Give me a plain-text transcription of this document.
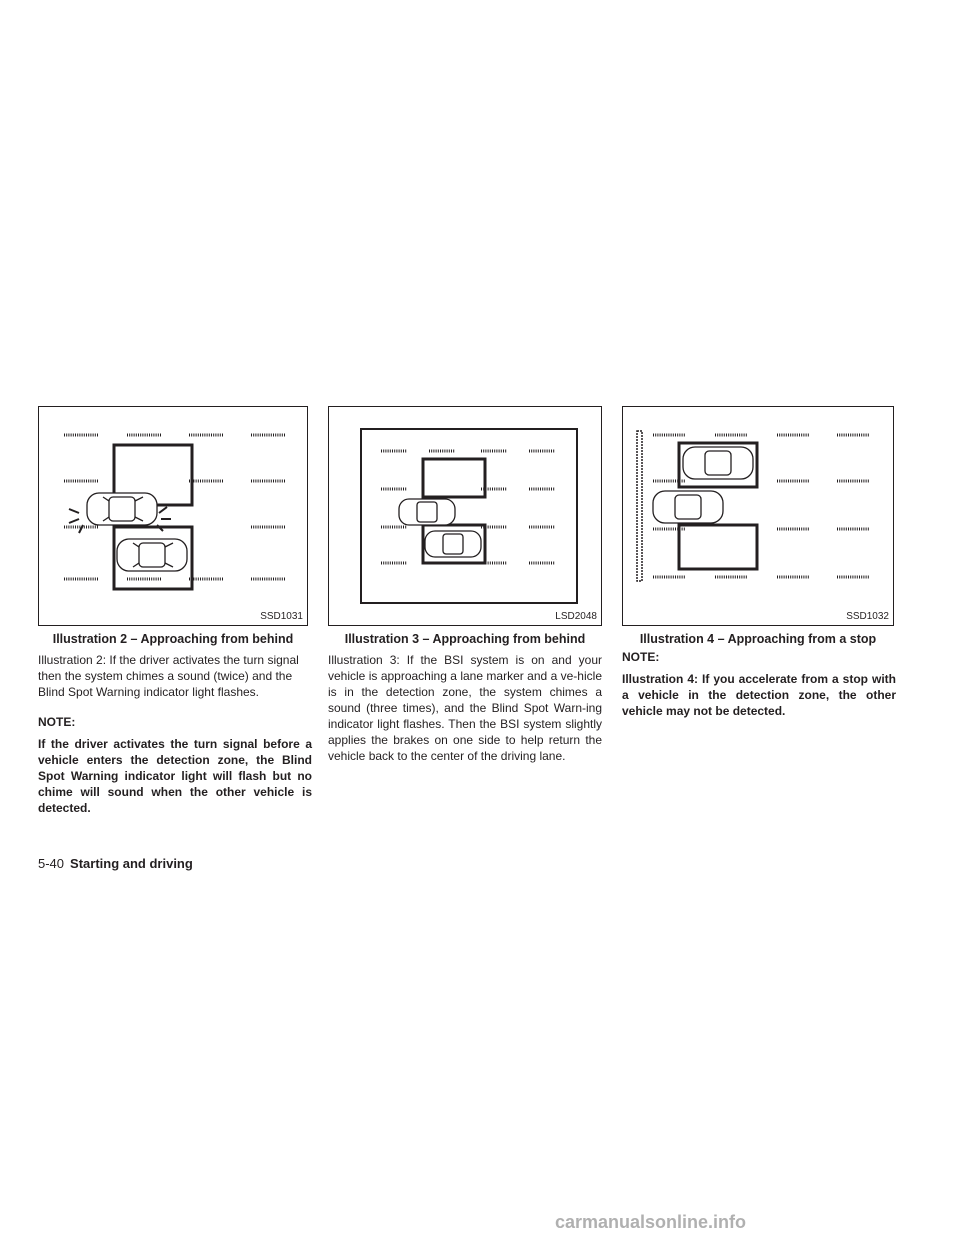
SSD1031	LSD2048	SSD1032
Illustration 2 – Approaching from behind	Illustration 3 – Approaching from behind	Illustration 4 – Approaching from a stop

Illustration 2: If the driver activates the turn signal then the system chimes a sound (twice) and the Blind Spot Warning indicator light flashes.

NOTE:

If the driver activates the turn signal before a vehicle enters the detection zone, the Blind Spot Warning indicator light will flash but no chime will sound when the other vehicle is detected.

Illustration 3: If the BSI system is on and your vehicle is approaching a lane marker and a ve-hicle is in the detection zone, the system chimes a sound (three times), and the Blind Spot Warn-ing indicator light flashes. Then the BSI system slightly applies the brakes on one side to help return the vehicle back to the center of the driving lane.

NOTE:

Illustration 4: If you accelerate from a stop with a vehicle in the detection zone, the other vehicle may not be detected.

5-40 Starting and driving
carmanualsonline.info
